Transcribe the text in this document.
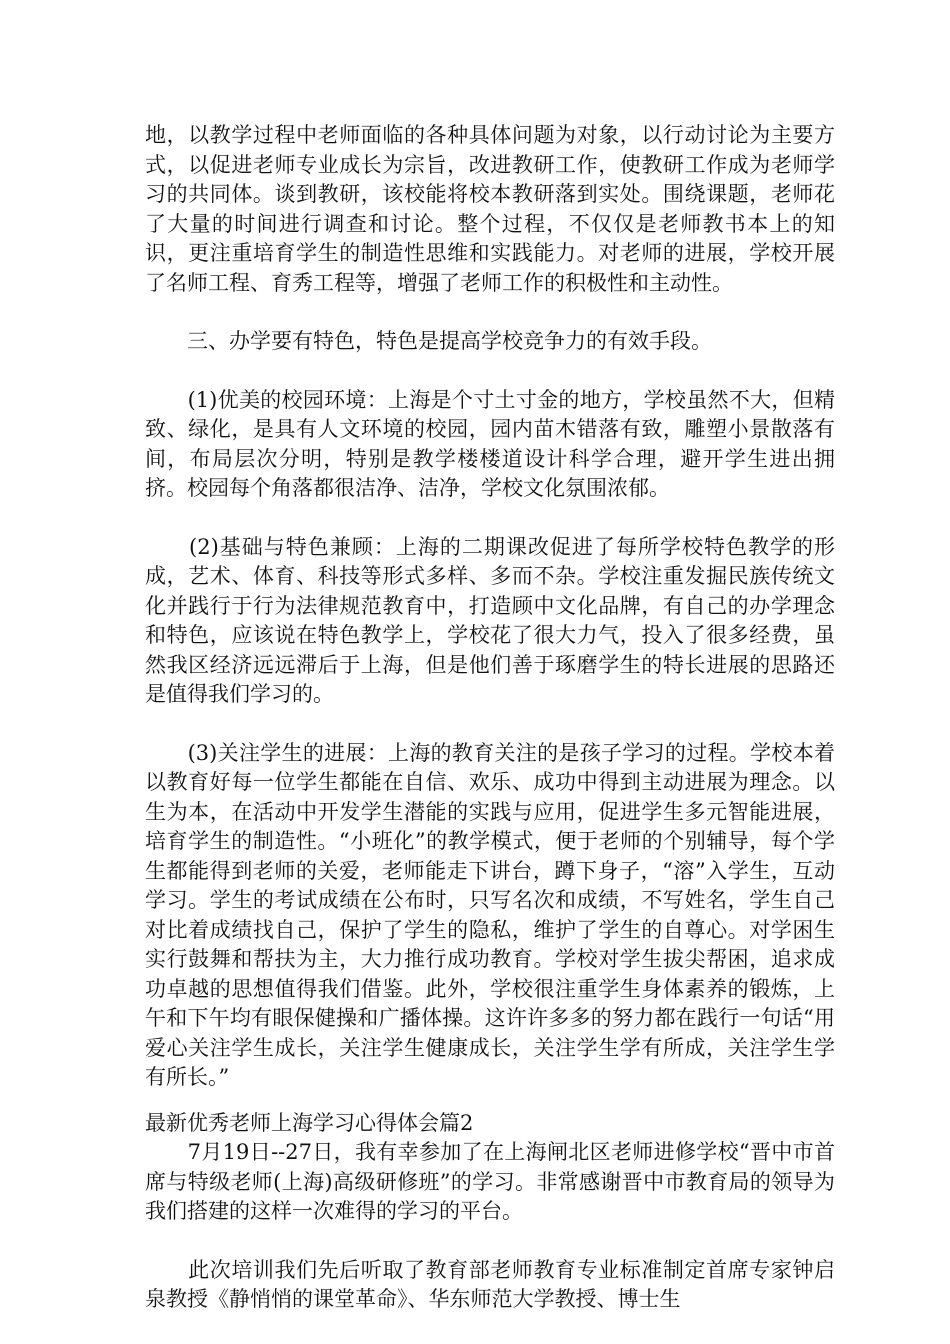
地，以教学过程中老师面临的各种具体问题为对象，以行动讨论为主要方式，以促进老师专业成长为宗旨，改进教研工作，使教研工作成为老师学习的共同体。谈到教研，该校能将校本教研落到实处。围绕课题，老师花了大量的时间进行调查和讨论。整个过程，不仅仅是老师教书本上的知识，更注重培育学生的制造性思维和实践能力。对老师的进展，学校开展了名师工程、育秀工程等，增强了老师工作的积极性和主动性。

　　三、办学要有特色，特色是提高学校竞争力的有效手段。

　　(1)优美的校园环境：上海是个寸土寸金的地方，学校虽然不大，但精致、绿化，是具有人文环境的校园，园内苗木错落有致，雕塑小景散落有间，布局层次分明，特别是教学楼楼道设计科学合理，避开学生进出拥挤。校园每个角落都很洁净、洁净，学校文化氛围浓郁。

　　(2)基础与特色兼顾：上海的二期课改促进了每所学校特色教学的形成，艺术、体育、科技等形式多样、多而不杂。学校注重发掘民族传统文化并践行于行为法律规范教育中，打造顾中文化品牌，有自己的办学理念和特色，应该说在特色教学上，学校花了很大力气，投入了很多经费，虽然我区经济远远滞后于上海，但是他们善于琢磨学生的特长进展的思路还是值得我们学习的。

　　(3)关注学生的进展：上海的教育关注的是孩子学习的过程。学校本着以教育好每一位学生都能在自信、欢乐、成功中得到主动进展为理念。以生为本，在活动中开发学生潜能的实践与应用，促进学生多元智能进展，培育学生的制造性。“小班化”的教学模式，便于老师的个别辅导，每个学生都能得到老师的关爱，老师能走下讲台，蹲下身子，“溶”入学生，互动学习。学生的考试成绩在公布时，只写名次和成绩，不写姓名，学生自己对比着成绩找自己，保护了学生的隐私，维护了学生的自尊心。对学困生实行鼓舞和帮扶为主，大力推行成功教育。学校对学生拔尖帮困，追求成功卓越的思想值得我们借鉴。此外，学校很注重学生身体素养的锻炼，上午和下午均有眼保健操和广播体操。这许许多多的努力都在践行一句话“用爱心关注学生成长，关注学生健康成长，关注学生学有所成，关注学生学有所长。”

最新优秀老师上海学习心得体会篇2

　　7月19日--27日，我有幸参加了在上海闸北区老师进修学校“晋中市首席与特级老师(上海)高级研修班”的学习。非常感谢晋中市教育局的领导为我们搭建的这样一次难得的学习的平台。

　　此次培训我们先后听取了教育部老师教育专业标准制定首席专家钟启泉教授《静悄悄的课堂革命》、华东师范大学教授、博士生
